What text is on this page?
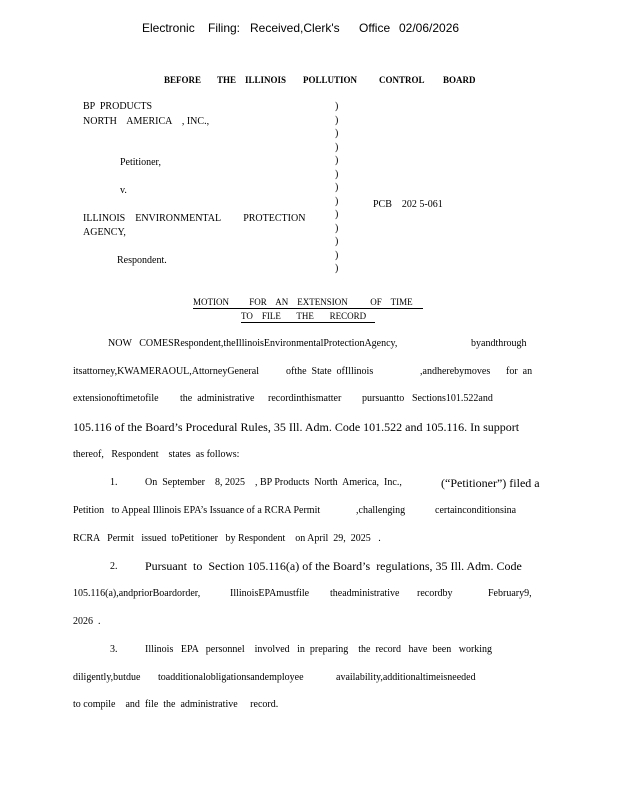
Electronic Filing: Received,Clerk's Office 02/06/2026
BEFORE THE ILLINOIS POLLUTION CONTROL BOARD
BP  PRODUCTS
NORTH    AMERICA    , INC.,
Petitioner,
v.
ILLINOIS    ENVIRONMENTAL         PROTECTION
AGENCY,
Respondent.
PCB    202 5-061
)
)
)
)
)
)
)
)
)
)
)
)
)
MOTION         FOR    AN    EXTENSION          OF    TIME
TO    FILE       THE       RECORD
NOW   COMESRespondent,theIllinoisEnvironmentalProtectionAgency,	byandthrough
itsattorney,KWAMERAOUL,AttorneyGeneral	ofthe  State  ofIllinois	,andherebymoves for  an
extensionoftimetofile the  administrative recordinthismatter pursuantto Sections101.522and
105.116 of the Board’s Procedural Rules, 35 Ill. Adm. Code 101.522 and 105.116. In support
thereof,   Respondent    states  as follows:
1.	On  September    8, 2025    , BP Products  North  America,  Inc.,	(“Petitioner”) filed a
Petition   to Appeal Illinois EPA’s Issuance of a RCRA Permit	,challenging	certainconditionsina
RCRA   Permit   issued  toPetitioner   by Respondent    on April  29,  2025   .
2. Pursuant  to  Section 105.116(a) of the Board’s  regulations, 35 Ill. Adm. Code
105.116(a),andpriorBoardorder,	IllinoisEPAmustfile theadministrative recordby	February9,
2026  .
3.	Illinois   EPA   personnel    involved   in  preparing    the  record   have  been   working
diligently,butdue toadditionalobligationsandemployee	availability,additionaltimeisneeded
to compile    and  file  the  administrative     record.
